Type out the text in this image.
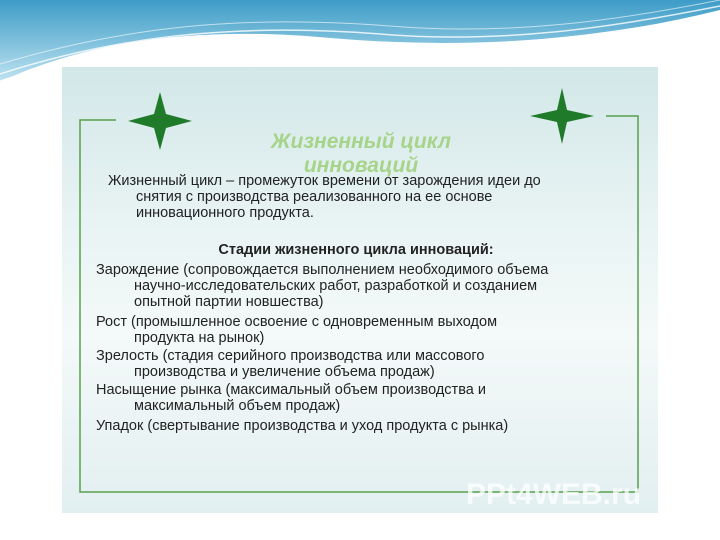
Жизненный цикл инноваций
Жизненный цикл – промежуток времени от зарождения идеи до

снятия с производства реализованного на ее основе
инновационного продукта.
Стадии жизненного цикла инноваций:
Зарождение (сопровождается выполнением необходимого объема
научно-исследовательских работ, разработкой и созданием
опытной партии новшества)
Рост (промышленное освоение с одновременным выходом
продукта на рынок)
Зрелость (стадия серийного производства или массового
производства и увеличение объема продаж)
Насыщение рынка (максимальный объем производства и
максимальный объем продаж)
Упадок (свертывание производства и уход продукта с рынка)
PPt4WEB.ru
